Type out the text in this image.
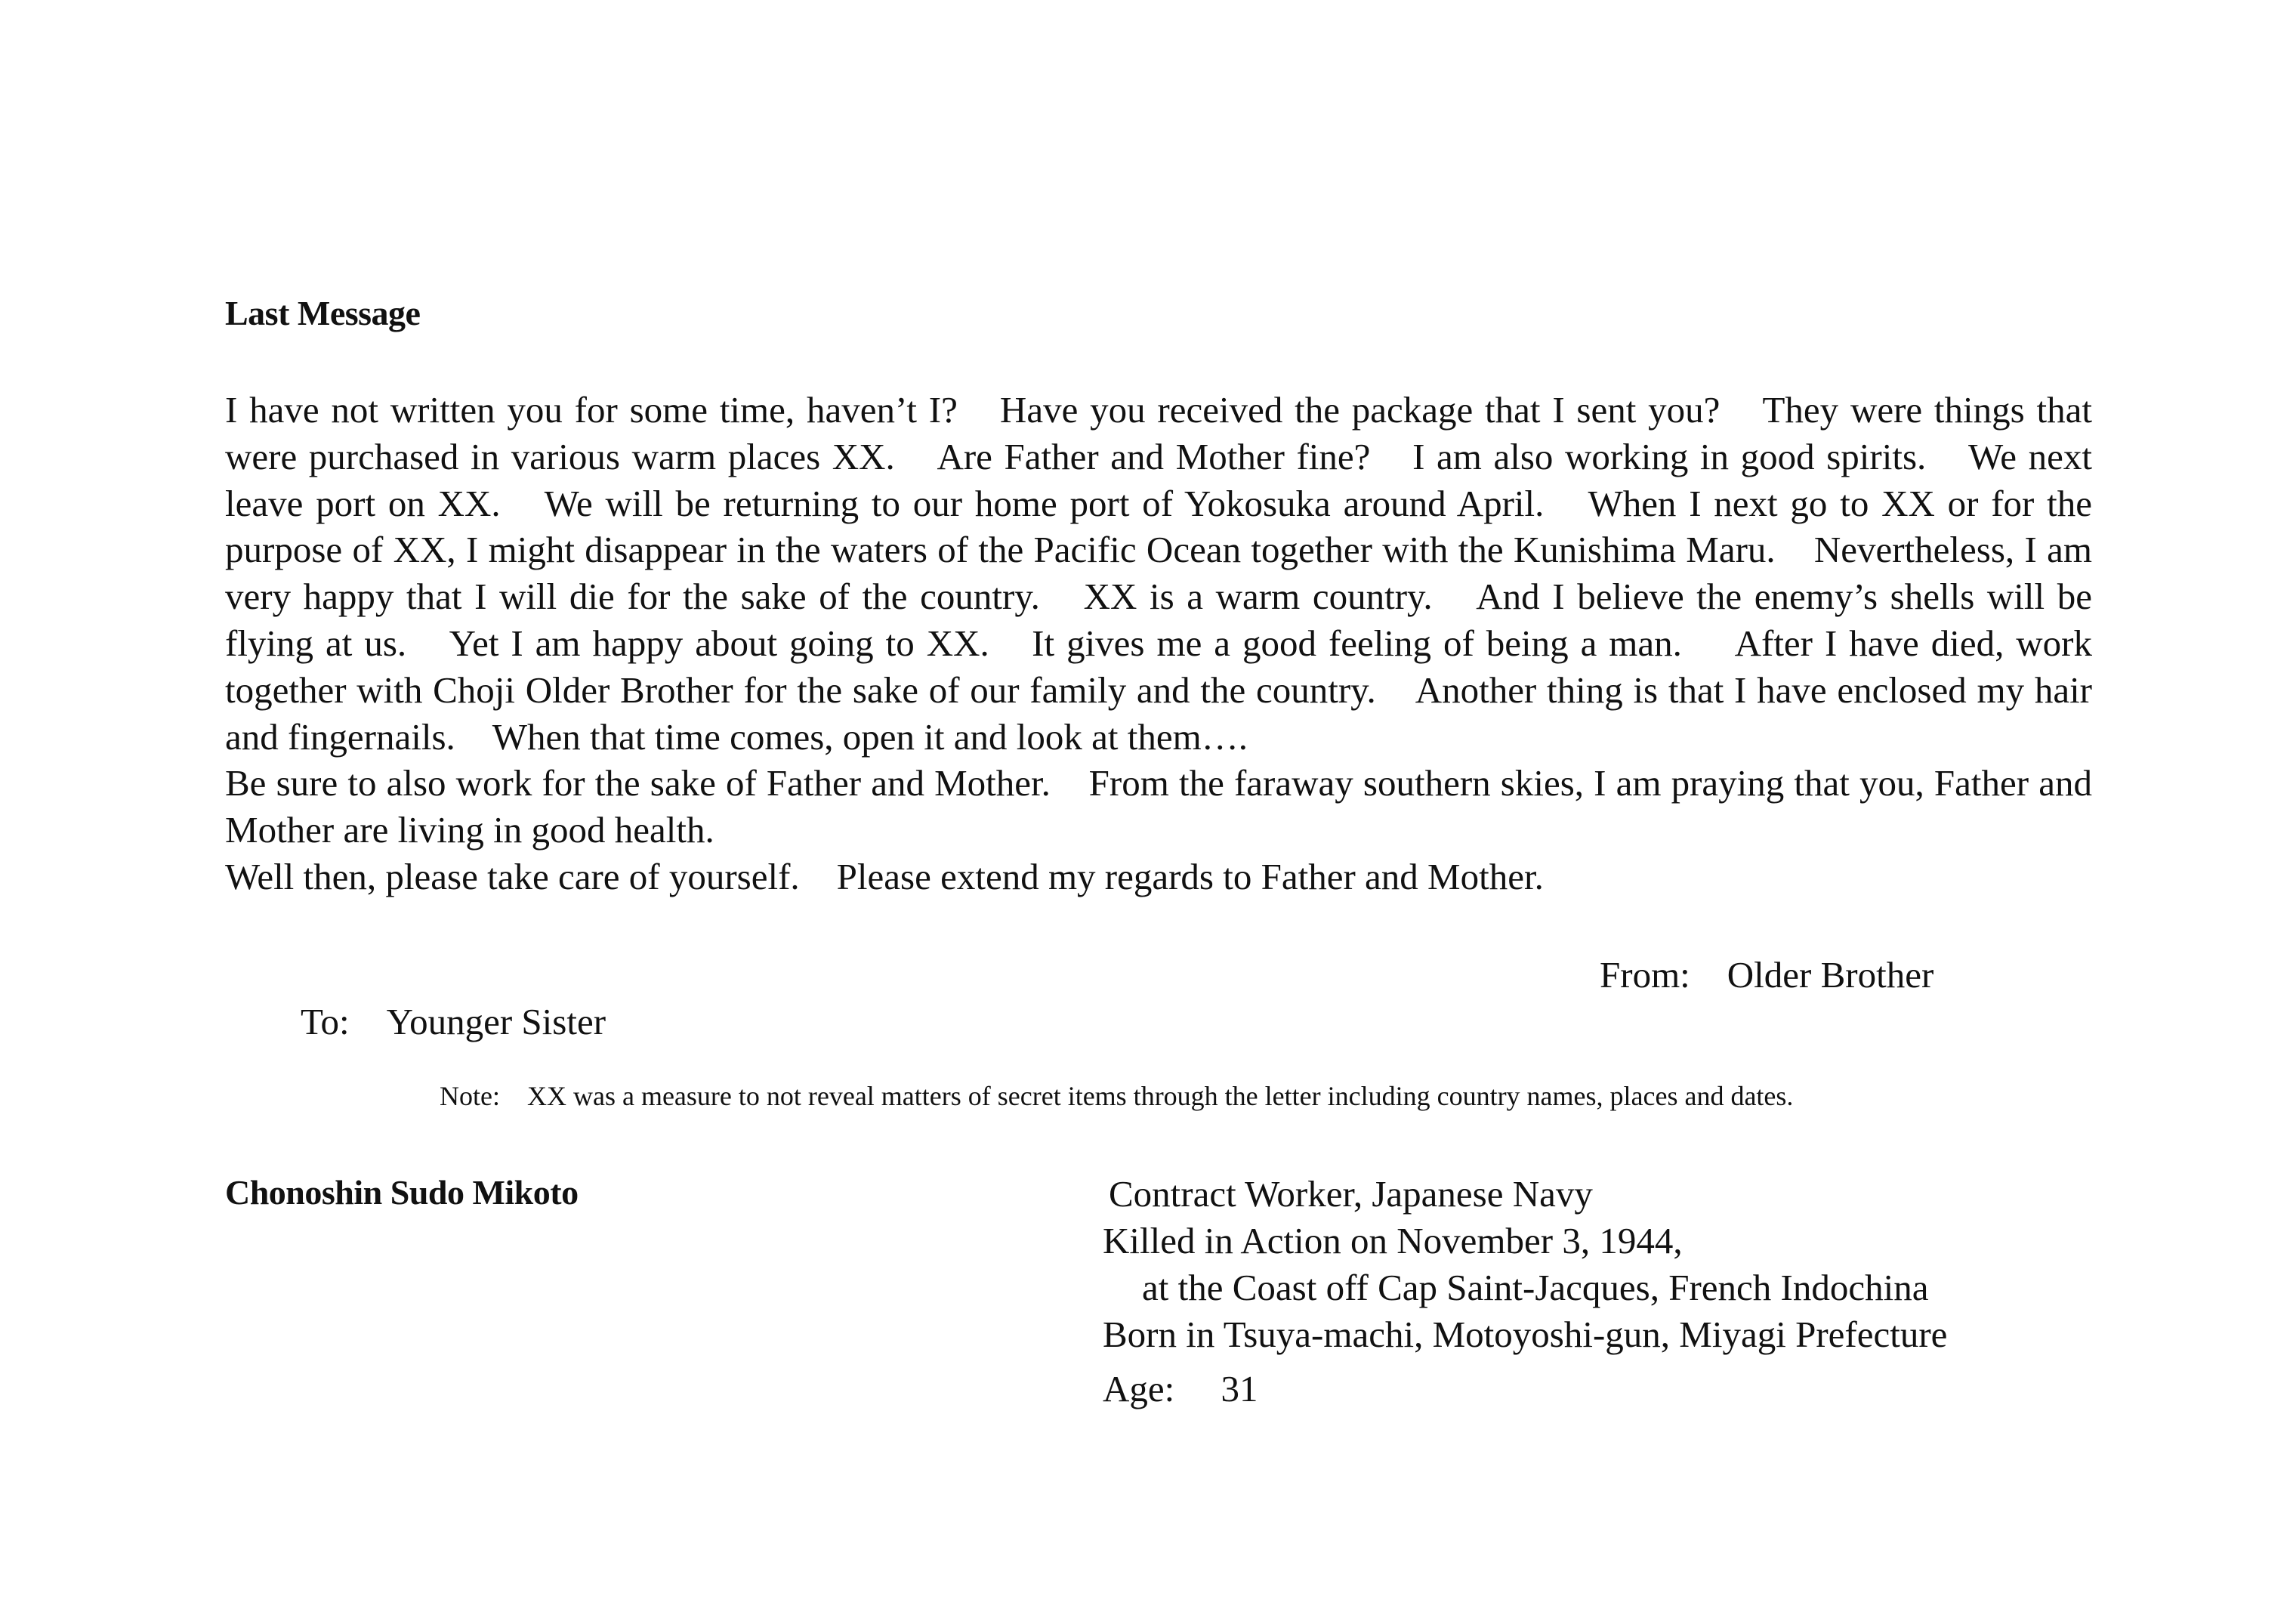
Last Message

I have not written you for some time, haven’t I?　Have you received the package that I sent you?　They were things that were purchased in various warm places XX.　Are Father and Mother fine?　I am also working in good spirits.　We next leave port on XX.　We will be returning to our home port of Yokosuka around April.　When I next go to XX or for the purpose of XX, I might disappear in the waters of the Pacific Ocean together with the Kunishima Maru.　Nevertheless, I am very happy that I will die for the sake of the country.　XX is a warm country.　And I believe the enemy’s shells will be flying at us.　Yet I am happy about going to XX.　It gives me a good feeling of being a man.　 After I have died, work together with Choji Older Brother for the sake of our family and the country.　Another thing is that I have enclosed my hair and fingernails.　When that time comes, open it and look at them….

Be sure to also work for the sake of Father and Mother.　From the faraway southern skies, I am praying that you, Father and Mother are living in good health.

Well then, please take care of yourself.　Please extend my regards to Father and Mother.

From:　Older Brother
To:　Younger Sister
Note:　XX was a measure to not reveal matters of secret items through the letter including country names, places and dates.
Chonoshin Sudo Mikoto	Contract Worker, Japanese Navy

Killed in Action on November 3, 1944,

at the Coast off Cap Saint-Jacques, French Indochina

Born in Tsuya-machi, Motoyoshi-gun, Miyagi Prefecture

Age:　 31
